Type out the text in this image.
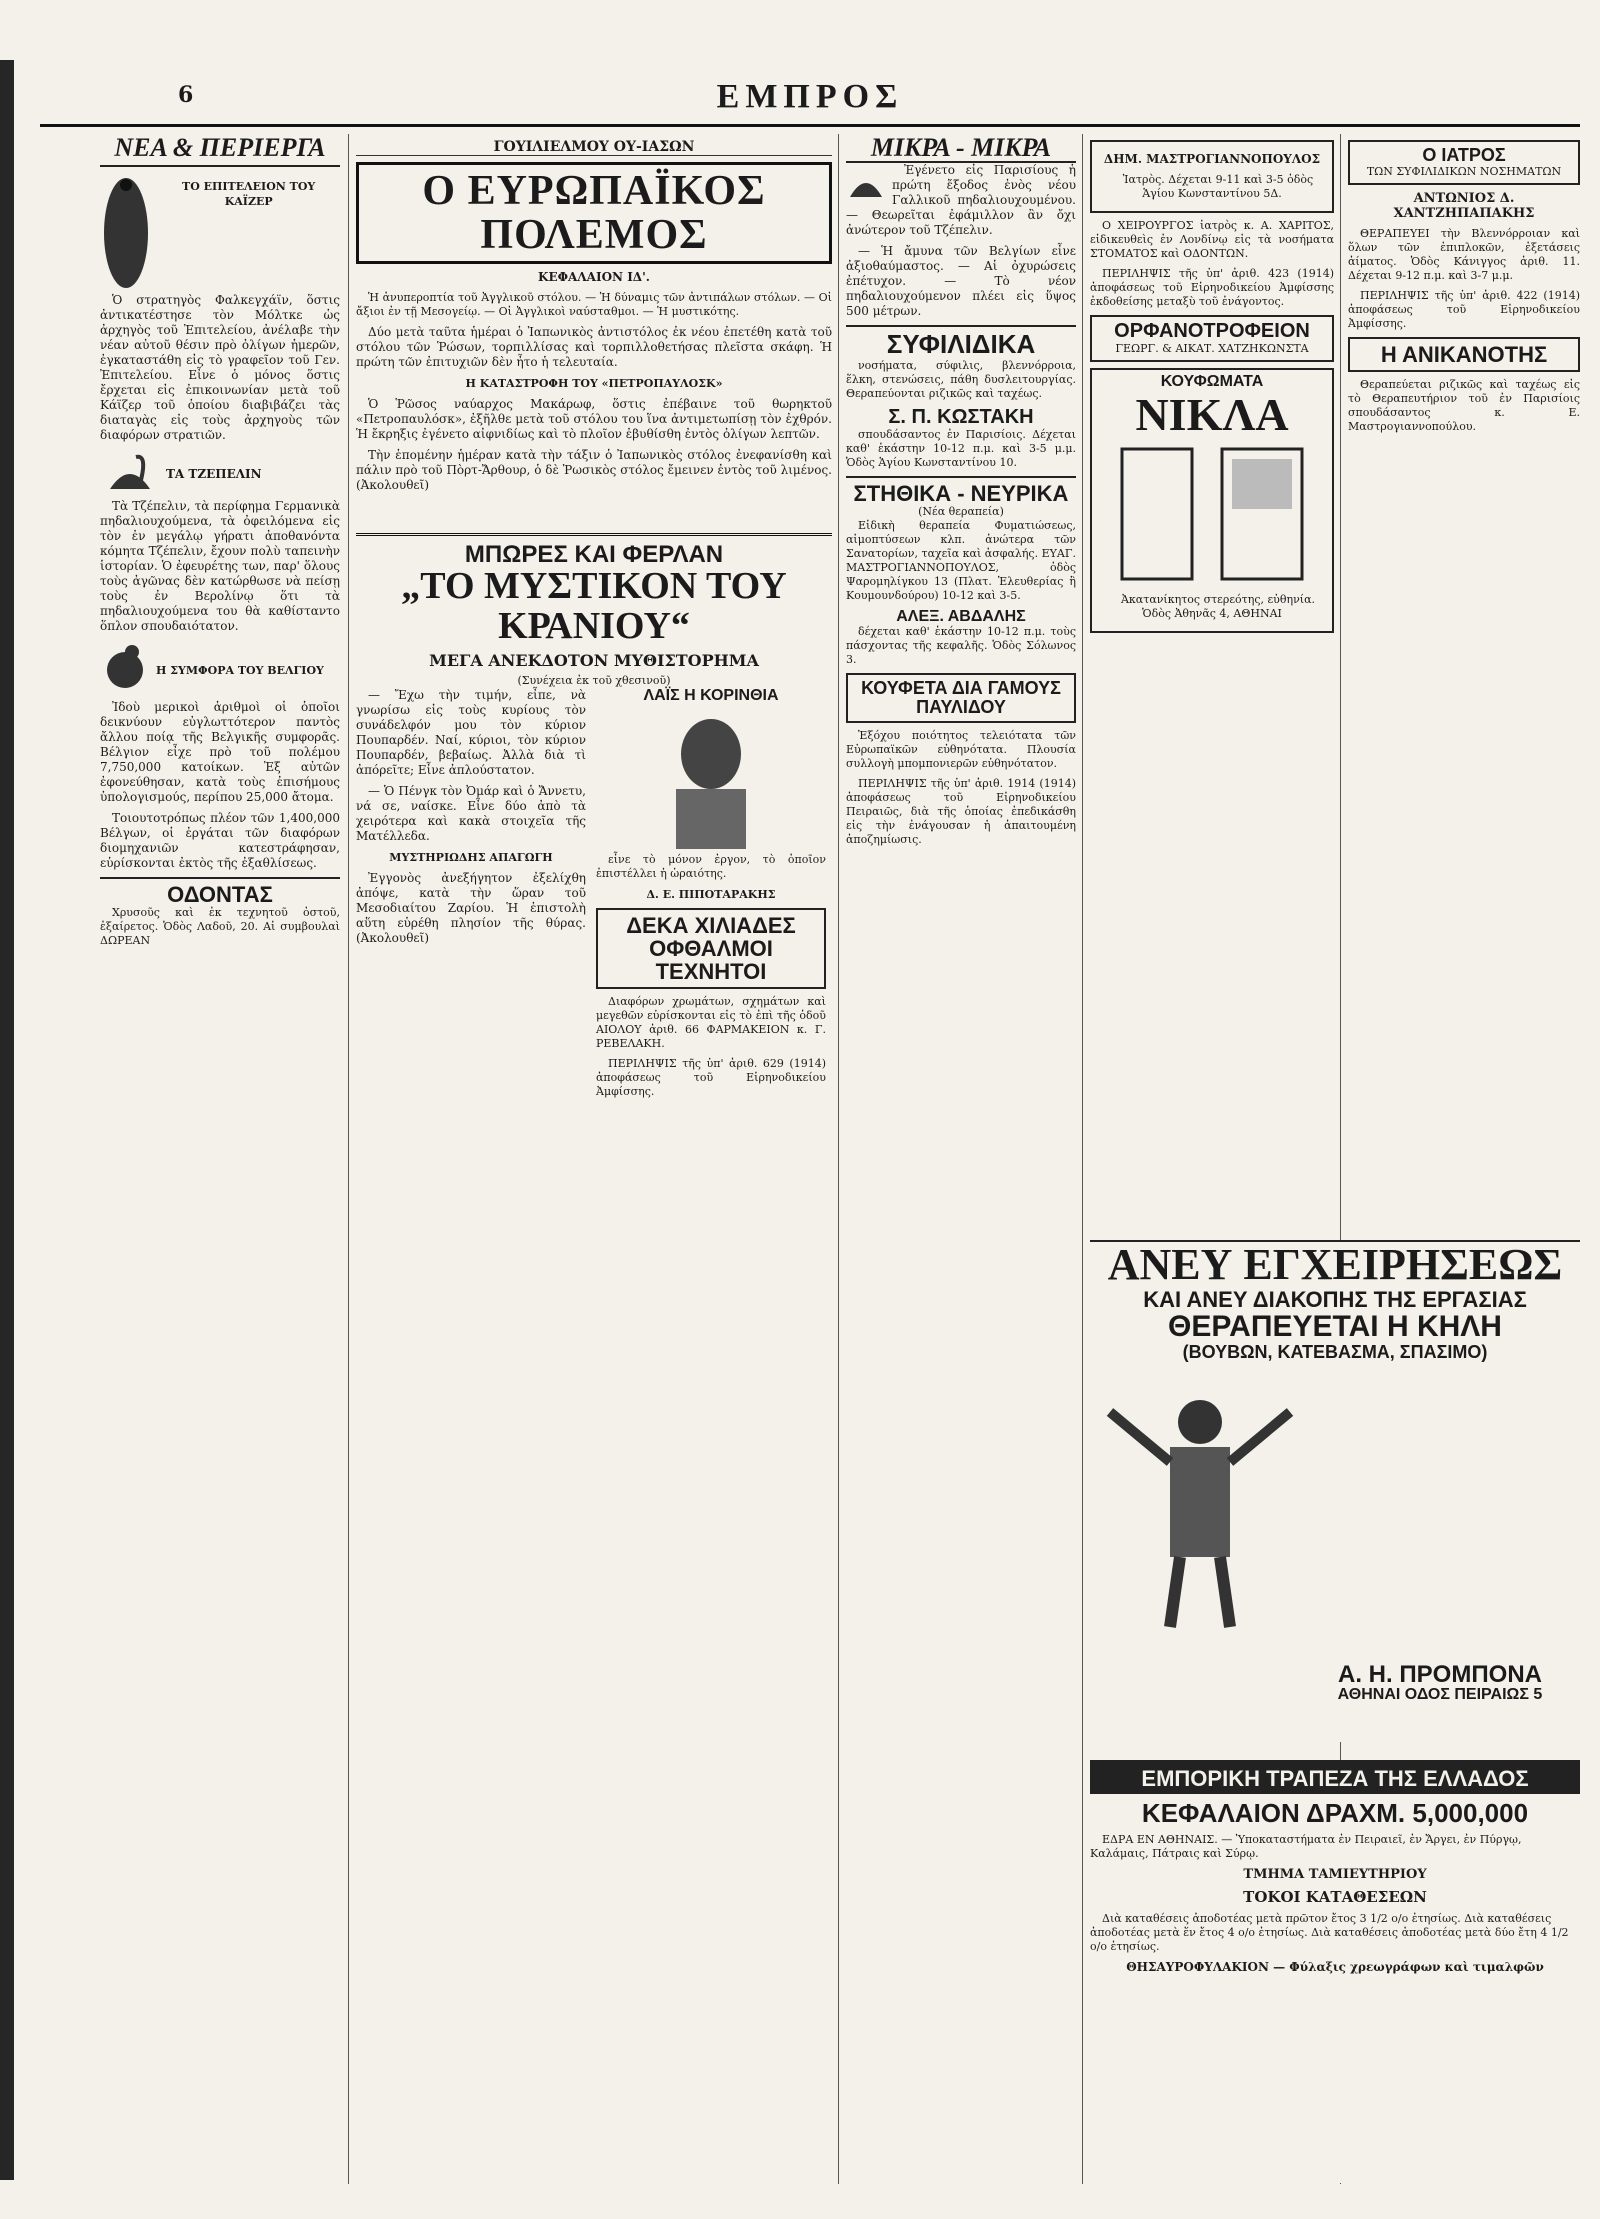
6	ΕΜΠΡΟΣ
ΝΕΑ & ΠΕΡΙΕΡΓΑ
ΤΟ ΕΠΙΤΕΛΕΙΟΝ ΤΟΥ ΚΑΪΖΕΡ

Ὁ στρατηγὸς Φαλκεγχάϊν, ὅστις ἀντικατέστησε τὸν Μόλτκε ὡς ἀρχηγὸς τοῦ Ἐπιτελείου, ἀνέλαβε τὴν νέαν αὐτοῦ θέσιν πρὸ ὀλίγων ἡμερῶν, ἐγκαταστάθη εἰς τὸ γραφεῖον τοῦ Γεν. Ἐπιτελείου. Εἶνε ὁ μόνος ὅστις ἔρχεται εἰς ἐπικοινωνίαν μετὰ τοῦ Κάϊζερ τοῦ ὁποίου διαβιβάζει τὰς διαταγὰς εἰς τοὺς ἀρχηγοὺς τῶν διαφόρων στρατιῶν.

ΤΑ ΤΖΕΠΕΛΙΝ

Τὰ Τζέπελιν, τὰ περίφημα Γερμανικὰ πηδαλιουχούμενα, τὰ ὀφειλόμενα εἰς τὸν ἐν μεγάλῳ γήρατι ἀποθανόντα κόμητα Τζέπελιν, ἔχουν πολὺ ταπεινὴν ἱστορίαν. Ὁ ἐφευρέτης των, παρ' ὅλους τοὺς ἀγῶνας δὲν κατώρθωσε νὰ πείσῃ τοὺς ἐν Βερολίνῳ ὅτι τὰ πηδαλιουχούμενα του θὰ καθίσταντο ὅπλον σπουδαιότατον.

Η ΣΥΜΦΟΡΑ ΤΟΥ ΒΕΛΓΙΟΥ

Ἰδοὺ μερικοὶ ἀριθμοὶ οἱ ὁποῖοι δεικνύουν εὐγλωττότερον παντὸς ἄλλου ποίᾳ τῆς Βελγικῆς συμφορᾶς. Βέλγιον εἶχε πρὸ τοῦ πολέμου 7,750,000 κατοίκων. Ἐξ αὐτῶν ἐφονεύθησαν, κατὰ τοὺς ἐπισήμους ὑπολογισμούς, περίπου 25,000 ἄτομα.

Τοιουτοτρόπως πλέον τῶν 1,400,000 Βέλγων, οἱ ἐργάται τῶν διαφόρων διομηχανιῶν κατεστράφησαν, εὑρίσκονται ἐκτὸς τῆς ἐξαθλίσεως.

ΟΔΟΝΤΑΣ

Χρυσοῦς καὶ ἐκ τεχνητοῦ ὀστοῦ, ἐξαίρετος. Ὁδὸς Λαδοῦ, 20. Αἱ συμβουλαὶ ΔΩΡΕΑΝ

ΓΟΥΙΛΙΕΛΜΟΥ ΟΥ-ΙΑΣΩΝ
Ο ΕΥΡΩΠΑΪΚΟΣ ΠΟΛΕΜΟΣ
ΚΕΦΑΛΑΙΟΝ ΙΔ'.

Ἡ ἀνυπεροπτία τοῦ Ἀγγλικοῦ στόλου. — Ἡ δύναμις τῶν ἀντιπάλων στόλων. — Οἱ ἄξιοι ἐν τῇ Μεσογείῳ. — Οἱ Ἀγγλικοὶ ναύσταθμοι. — Ἡ μυστικότης.

Δύο μετὰ ταῦτα ἡμέραι ὁ Ἰαπωνικὸς ἀντιστόλος ἐκ νέου ἐπετέθη κατὰ τοῦ στόλου τῶν Ῥώσων, τορπιλλίσας καὶ τορπιλλοθετήσας πλεῖστα σκάφη. Ἡ πρώτη τῶν ἐπιτυχιῶν δὲν ἦτο ἡ τελευταία.

Η ΚΑΤΑΣΤΡΟΦΗ ΤΟΥ «ΠΕΤΡΟΠΑΥΛΟΣΚ»

Ὁ Ῥῶσος ναύαρχος Μακάρωφ, ὅστις ἐπέβαινε τοῦ θωρηκτοῦ «Πετροπαυλόσκ», ἐξῆλθε μετὰ τοῦ στόλου του ἵνα ἀντιμετωπίσῃ τὸν ἐχθρόν. Ἡ ἔκρηξις ἐγένετο αἰφνιδίως καὶ τὸ πλοῖον ἐβυθίσθη ἐντὸς ὀλίγων λεπτῶν.

Τὴν ἑπομένην ἡμέραν κατὰ τὴν τάξιν ὁ Ἰαπωνικὸς στόλος ἐνεφανίσθη καὶ πάλιν πρὸ τοῦ Πὸρτ-Ἄρθουρ, ὁ δὲ Ῥωσικὸς στόλος ἔμεινεν ἐντὸς τοῦ λιμένος. (Ἀκολουθεῖ)

ΜΠΩΡΕΣ ΚΑΙ ΦΕΡΛΑΝ
„ΤΟ ΜΥΣΤΙΚΟΝ ΤΟΥ ΚΡΑΝΙΟΥ“
ΜΕΓΑ ΑΝΕΚΔΟΤΟΝ ΜΥΘΙΣΤΟΡΗΜΑ
(Συνέχεια ἐκ τοῦ χθεσινοῦ)

— Ἔχω τὴν τιμήν, εἶπε, νὰ γνωρίσω εἰς τοὺς κυρίους τὸν συνάδελφόν μου τὸν κύριον Πουπαρδέν. Ναί, κύριοι, τὸν κύριον Πουπαρδέν, βεβαίως. Ἀλλὰ διὰ τὶ ἀπόρεῖτε; Εἶνε ἀπλούστατον.

— Ὁ Πένγκ τὸν Ὀμάρ καὶ ὁ Ἄννετυ, νά σε, ναίσκε. Εἶνε δύο ἀπὸ τὰ χειρότερα καὶ κακὰ στοιχεῖα τῆς Ματέλλεδα.

ΜΥΣΤΗΡΙΩΔΗΣ ΑΠΑΓΩΓΗ

Ἐγγονὸς ἀνεξήγητον ἐξελίχθη ἀπόψε, κατὰ τὴν ὥραν τοῦ Μεσοδιαίτου Ζαρίου. Ἡ ἐπιστολὴ αὕτη εὑρέθη πλησίον τῆς θύρας. (Ἀκολουθεῖ)

ΛΑΪΣ Η ΚΟΡΙΝΘΙΑ

εἶνε τὸ μόνον ἐργον, τὸ ὁποῖον ἐπιστέλλει ἡ ὡραιότης.

Δ. Ε. ΠΙΠΟΤΑΡΑΚΗΣ
ΔΕΚΑ ΧΙΛΙΑΔΕΣ
ΟΦΘΑΛΜΟΙ ΤΕΧΝΗΤΟΙ

Διαφόρων χρωμάτων, σχημάτων καὶ μεγεθῶν εὑρίσκονται εἰς τὸ ἐπὶ τῆς ὁδοῦ ΑΙΟΛΟΥ ἀριθ. 66 ΦΑΡΜΑΚΕΙΟΝ κ. Γ. ΡΕΒΕΛΑΚΗ.

ΠΕΡΙΛΗΨΙΣ τῆς ὑπ' ἀριθ. 629 (1914) ἀποφάσεως τοῦ Εἰρηνοδικείου Ἀμφίσσης.

ΜΙΚΡΑ - ΜΙΚΡΑ

Ἐγένετο εἰς Παρισίους ἡ πρώτη ἔξοδος ἐνὸς νέου Γαλλικοῦ πηδαλιουχουμένου. — Θεωρεῖται ἐφάμιλλον ἂν ὄχι ἀνώτερον τοῦ Τζέπελιν.

— Ἡ ἄμυνα τῶν Βελγίων εἶνε ἀξιοθαύμαστος. — Αἱ ὀχυρώσεις ἐπέτυχον. — Τὸ νέον πηδαλιουχούμενον πλέει εἰς ὕψος 500 μέτρων.

ΣΥΦΙΛΙΔΙΚΑ

νοσήματα, σύφιλις, βλεννόρροια, ἕλκη, στενώσεις, πάθη δυσλειτουργίας. Θεραπεύονται ριζικῶς καὶ ταχέως.

Σ. Π. ΚΩΣΤΑΚΗ

σπουδάσαντος ἐν Παρισίοις. Δέχεται καθ' ἑκάστην 10-12 π.μ. καὶ 3-5 μ.μ. Ὁδὸς Ἁγίου Κωνσταντίνου 10.

ΣΤΗΘΙΚΑ - ΝΕΥΡΙΚΑ
(Νέα θεραπεία)

Εἰδικὴ θεραπεία Φυματιώσεως, αἱμοπτύσεων κλπ. ἀνώτερα τῶν Σανατορίων, ταχεῖα καὶ ἀσφαλής. ΕΥΑΓ. ΜΑΣΤΡΟΓΙΑΝΝΟΠΟΥΛΟΣ, ὁδὸς Ψαρομηλίγκου 13 (Πλατ. Ἐλευθερίας ἢ Κουμουνδούρου) 10-12 καὶ 3-5.

ΑΛΕΞ. ΑΒΔΑΛΗΣ

δέχεται καθ' ἑκάστην 10-12 π.μ. τοὺς πάσχοντας τῆς κεφαλῆς. Ὁδὸς Σόλωνος 3.

ΚΟΥΦΕΤΑ ΔΙΑ ΓΑΜΟΥΣ ΠΑΥΛΙΔΟΥ

Ἐξόχου ποιότητος τελειότατα τῶν Εὐρωπαϊκῶν εὐθηνότατα. Πλουσία συλλογὴ μπομπονιερῶν εὐθηνότατον.

ΠΕΡΙΛΗΨΙΣ τῆς ὑπ' ἀριθ. 1914 (1914) ἀποφάσεως τοῦ Εἰρηνοδικείου Πειραιῶς, διὰ τῆς ὁποίας ἐπεδικάσθη εἰς τὴν ἐνάγουσαν ἡ ἀπαιτουμένη ἀποζημίωσις.

ΔΗΜ. ΜΑΣΤΡΟΓΙΑΝΝΟΠΟΥΛΟΣ

Ἰατρὸς. Δέχεται 9-11 καὶ 3-5 ὁδὸς Ἁγίου Κωνσταντίνου 5Δ.

Ο ΧΕΙΡΟΥΡΓΟΣ ἰατρὸς κ. Α. ΧΑΡΙΤΟΣ, εἰδικευθεὶς ἐν Λονδίνῳ εἰς τὰ νοσήματα ΣΤΟΜΑΤΟΣ καὶ ΟΔΟΝΤΩΝ.

ΠΕΡΙΛΗΨΙΣ τῆς ὑπ' ἀριθ. 423 (1914) ἀποφάσεως τοῦ Εἰρηνοδικείου Ἀμφίσσης ἐκδοθείσης μεταξὺ τοῦ ἐνάγοντος.

ΟΡΦΑΝΟΤΡΟΦΕΙΟΝ
ΓΕΩΡΓ. & ΑΙΚΑΤ. ΧΑΤΖΗΚΩΝΣΤΑ
ΚΟΥΦΩΜΑΤΑ
ΝΙΚΛΑ

Ἀκατανίκητος στερεότης, εὐθηνία. Ὁδὸς Ἀθηνᾶς 4, ΑΘΗΝΑΙ

Ο ΙΑΤΡΟΣ
ΤΩΝ ΣΥΦΙΛΙΔΙΚΩΝ ΝΟΣΗΜΑΤΩΝ
ΑΝΤΩΝΙΟΣ Δ. ΧΑΝΤΖΗΠΑΠΑΚΗΣ

ΘΕΡΑΠΕΥΕΙ τὴν Βλεννόρροιαν καὶ ὅλων τῶν ἐπιπλοκῶν, ἐξετάσεις ἀίματος. Ὁδὸς Κάνιγγος ἀριθ. 11. Δέχεται 9-12 π.μ. καὶ 3-7 μ.μ.

ΠΕΡΙΛΗΨΙΣ τῆς ὑπ' ἀριθ. 422 (1914) ἀποφάσεως τοῦ Εἰρηνοδικείου Ἀμφίσσης.

Η ΑΝΙΚΑΝΟΤΗΣ

Θεραπεύεται ριζικῶς καὶ ταχέως εἰς τὸ Θεραπευτήριον τοῦ ἐν Παρισίοις σπουδάσαντος κ. Ε. Μαστρογιαννοπούλου.

ΑΝΕΥ ΕΓΧΕΙΡΗΣΕΩΣ
ΚΑΙ ΑΝΕΥ ΔΙΑΚΟΠΗΣ ΤΗΣ ΕΡΓΑΣΙΑΣ
ΘΕΡΑΠΕΥΕΤΑΙ Η ΚΗΛΗ
(ΒΟΥΒΩΝ, ΚΑΤΕΒΑΣΜΑ, ΣΠΑΣΙΜΟ)
Α. Η. ΠΡΟΜΠΟΝΑ
ΑΘΗΝΑΙ ΟΔΟΣ ΠΕΙΡΑΙΩΣ 5
ΕΜΠΟΡΙΚΗ ΤΡΑΠΕΖΑ ΤΗΣ ΕΛΛΑΔΟΣ
ΚΕΦΑΛΑΙΟΝ ΔΡΑΧΜ. 5,000,000

ΕΔΡΑ ΕΝ ΑΘΗΝΑΙΣ. — Ὑποκαταστήματα ἐν Πειραιεῖ, ἐν Ἄργει, ἐν Πύργῳ, Καλάμαις, Πάτραις καὶ Σύρῳ.

ΤΜΗΜΑ ΤΑΜΙΕΥΤΗΡΙΟΥ
ΤΟΚΟΙ ΚΑΤΑΘΕΣΕΩΝ

Διὰ καταθέσεις ἀποδοτέας μετὰ πρῶτον ἔτος 3 1/2 ο/ο ἐτησίως. Διὰ καταθέσεις ἀποδοτέας μετὰ ἕν ἔτος 4 ο/ο ἐτησίως. Διὰ καταθέσεις ἀποδοτέας μετὰ δύο ἔτη 4 1/2 ο/ο ἐτησίως.

ΘΗΣΑΥΡΟΦΥΛΑΚΙΟΝ — Φύλαξις χρεωγράφων καὶ τιμαλφῶν
